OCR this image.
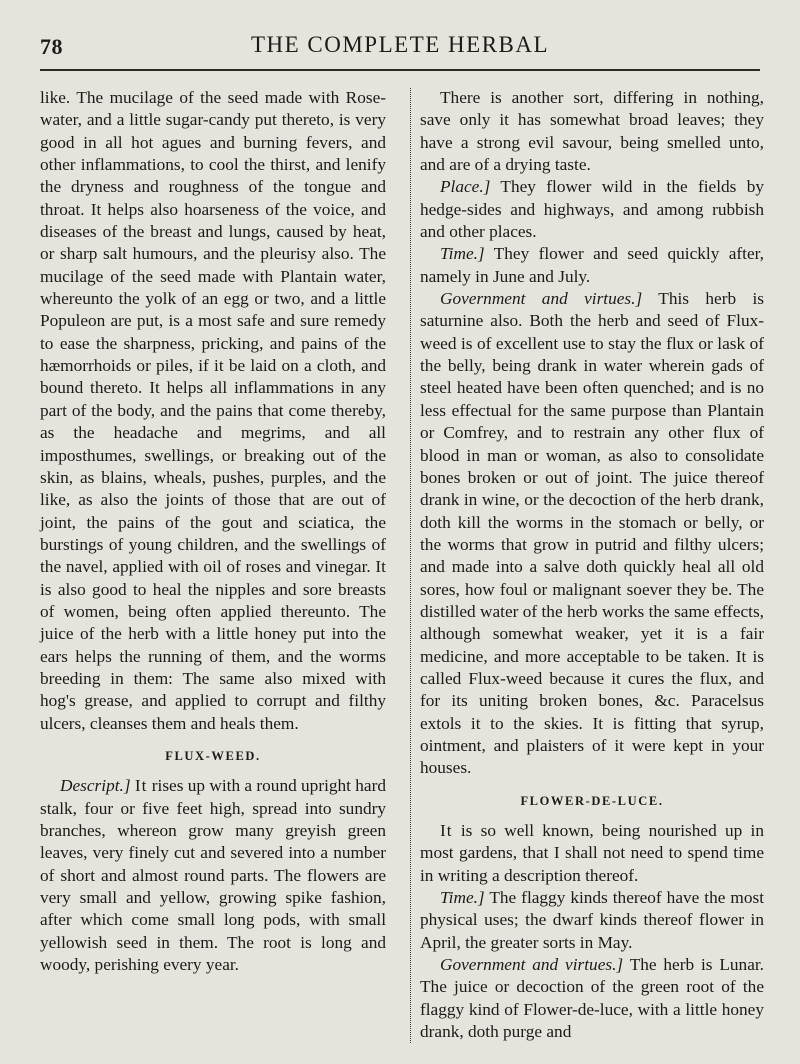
78	THE COMPLETE HERBAL

like. The mucilage of the seed made with Rose-water, and a little sugar-candy put thereto, is very good in all hot agues and burning fevers, and other inflammations, to cool the thirst, and lenify the dryness and roughness of the tongue and throat. It helps also hoarseness of the voice, and diseases of the breast and lungs, caused by heat, or sharp salt humours, and the pleurisy also. The mucilage of the seed made with Plantain water, whereunto the yolk of an egg or two, and a little Populeon are put, is a most safe and sure remedy to ease the sharpness, pricking, and pains of the hæmorrhoids or piles, if it be laid on a cloth, and bound thereto. It helps all inflammations in any part of the body, and the pains that come thereby, as the headache and megrims, and all imposthumes, swellings, or breaking out of the skin, as blains, wheals, pushes, purples, and the like, as also the joints of those that are out of joint, the pains of the gout and sciatica, the burstings of young children, and the swellings of the navel, applied with oil of roses and vinegar. It is also good to heal the nipples and sore breasts of women, being often applied thereunto. The juice of the herb with a little honey put into the ears helps the running of them, and the worms breeding in them: The same also mixed with hog's grease, and applied to corrupt and filthy ulcers, cleanses them and heals them.

FLUX-WEED.

Descript.] It rises up with a round upright hard stalk, four or five feet high, spread into sundry branches, whereon grow many greyish green leaves, very finely cut and severed into a number of short and almost round parts. The flowers are very small and yellow, growing spike fashion, after which come small long pods, with small yellowish seed in them. The root is long and woody, perishing every year.

There is another sort, differing in nothing, save only it has somewhat broad leaves; they have a strong evil savour, being smelled unto, and are of a drying taste.

Place.] They flower wild in the fields by hedge-sides and highways, and among rubbish and other places.

Time.] They flower and seed quickly after, namely in June and July.

Government and virtues.] This herb is saturnine also. Both the herb and seed of Flux-weed is of excellent use to stay the flux or lask of the belly, being drank in water wherein gads of steel heated have been often quenched; and is no less effectual for the same purpose than Plantain or Comfrey, and to restrain any other flux of blood in man or woman, as also to consolidate bones broken or out of joint. The juice thereof drank in wine, or the decoction of the herb drank, doth kill the worms in the stomach or belly, or the worms that grow in putrid and filthy ulcers; and made into a salve doth quickly heal all old sores, how foul or malignant soever they be. The distilled water of the herb works the same effects, although somewhat weaker, yet it is a fair medicine, and more acceptable to be taken. It is called Flux-weed because it cures the flux, and for its uniting broken bones, &c. Paracelsus extols it to the skies. It is fitting that syrup, ointment, and plaisters of it were kept in your houses.

FLOWER-DE-LUCE.

It is so well known, being nourished up in most gardens, that I shall not need to spend time in writing a description thereof.

Time.] The flaggy kinds thereof have the most physical uses; the dwarf kinds thereof flower in April, the greater sorts in May.

Government and virtues.] The herb is Lunar. The juice or decoction of the green root of the flaggy kind of Flower-de-luce, with a little honey drank, doth purge and
